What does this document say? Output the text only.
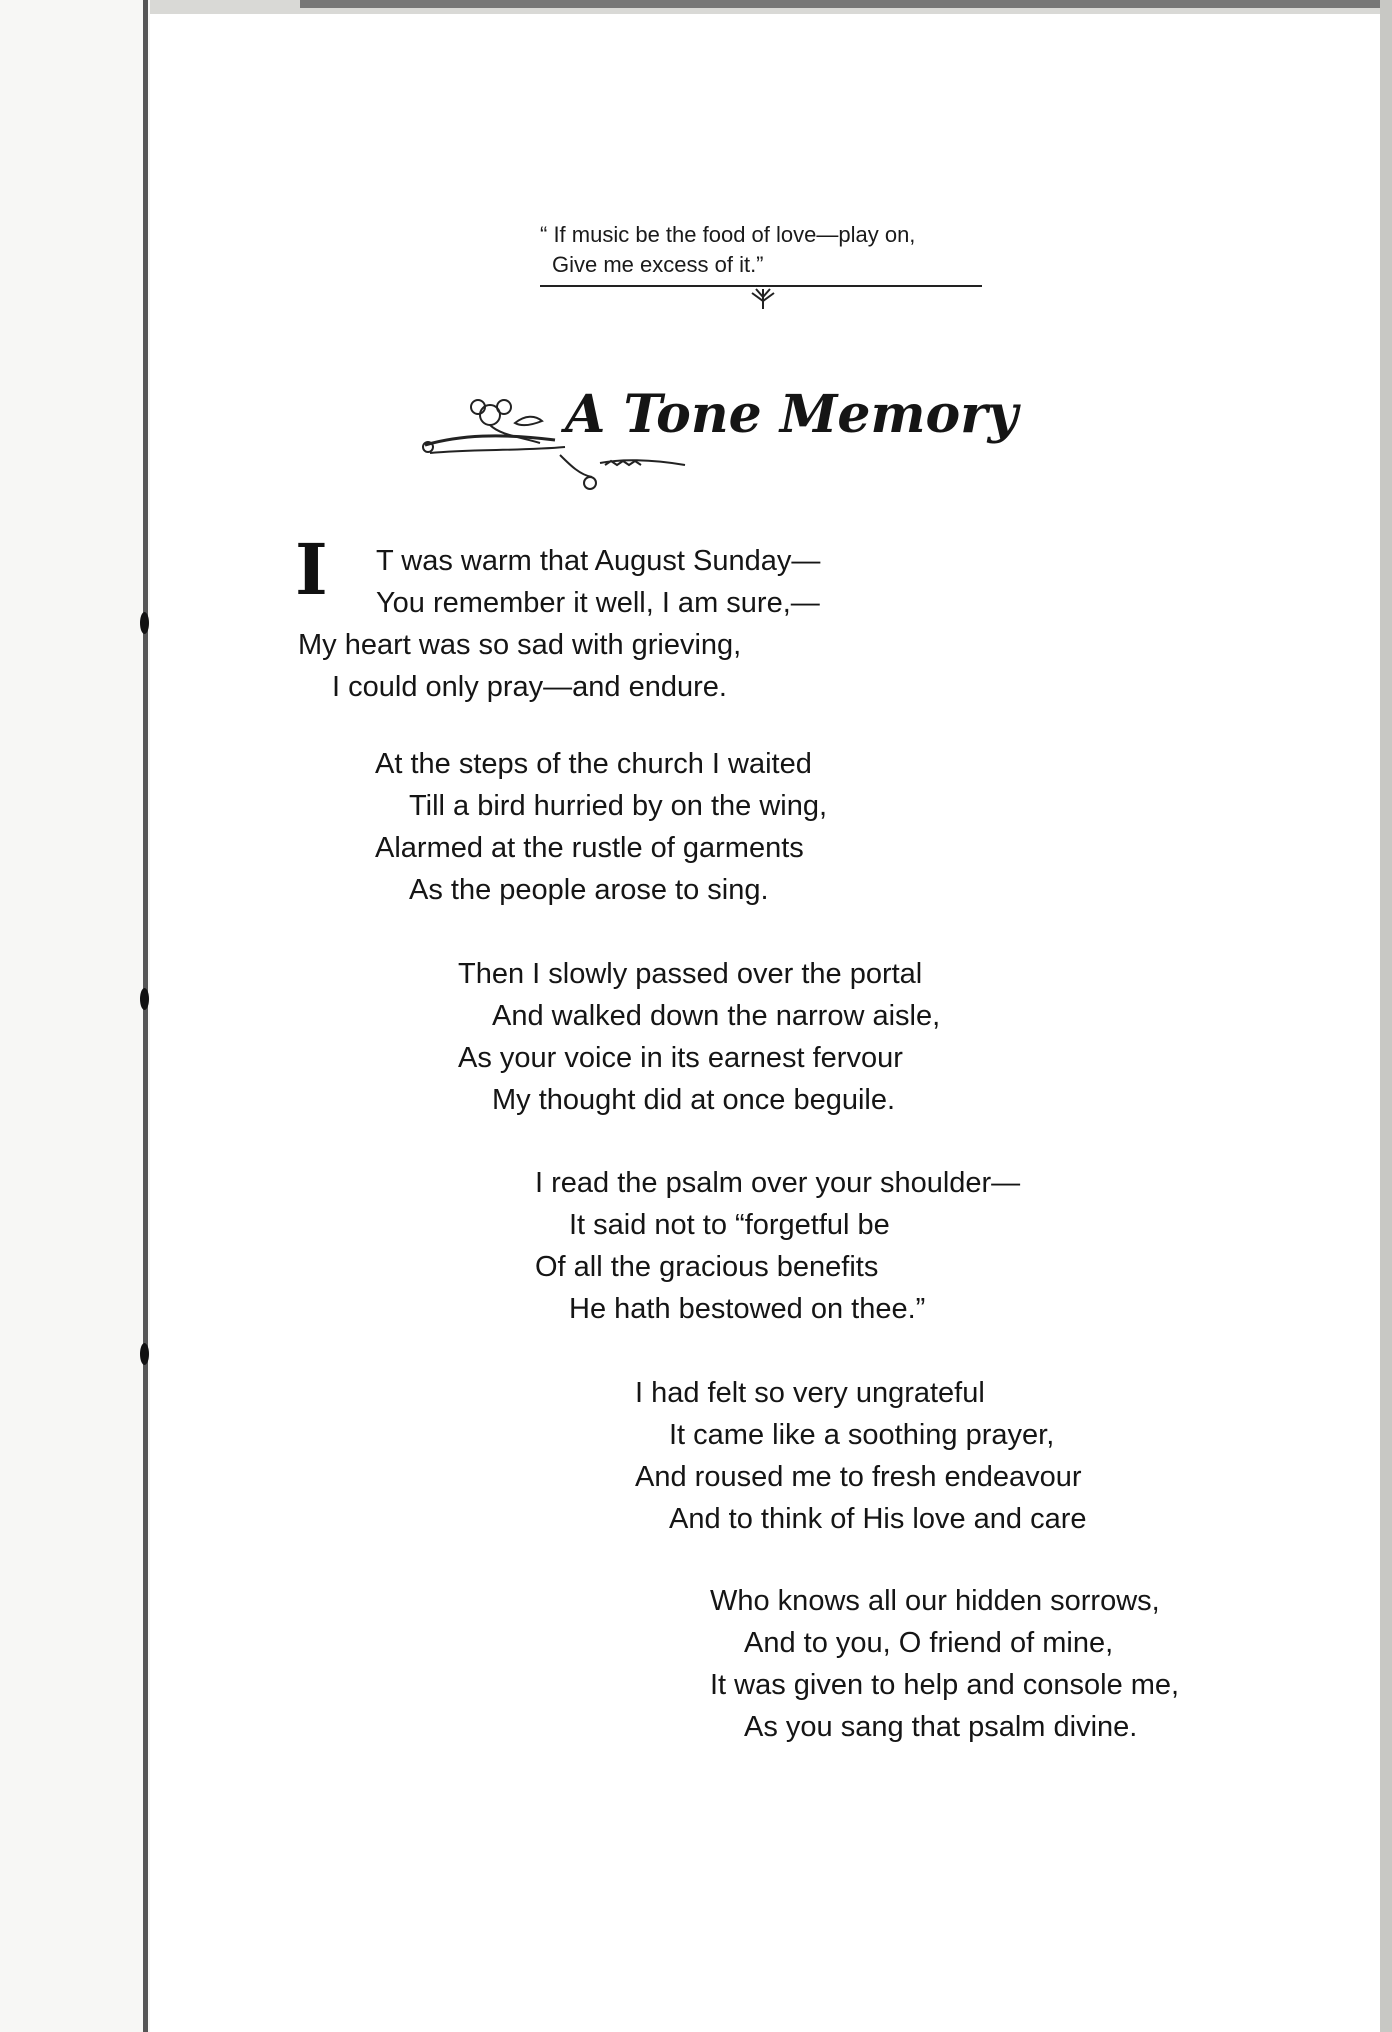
“ If music be the food of love—play on,
Give me excess of it.”
A Tone Memory
I	T was warm that August Sunday—
You remember it well, I am sure,—
My heart was so sad with grieving,
I could only pray—and endure.
At the steps of the church I waited
Till a bird hurried by on the wing,
Alarmed at the rustle of garments
As the people arose to sing.
Then I slowly passed over the portal
And walked down the narrow aisle,
As your voice in its earnest fervour
My thought did at once beguile.
I read the psalm over your shoulder—
It said not to “forgetful be
Of all the gracious benefits
He hath bestowed on thee.”
I had felt so very ungrateful
It came like a soothing prayer,
And roused me to fresh endeavour
And to think of His love and care
Who knows all our hidden sorrows,
And to you, O friend of mine,
It was given to help and console me,
As you sang that psalm divine.
